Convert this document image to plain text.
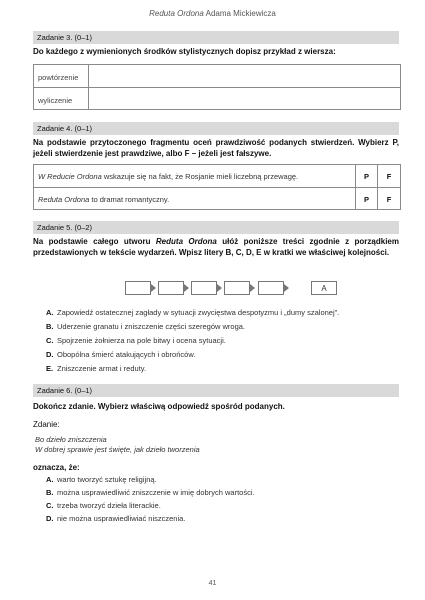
Reduta Ordona Adama Mickiewicza
Zadanie 3. (0–1)
Do każdego z wymienionych środków stylistycznych dopisz przykład z wiersza:
powtórzenie
wyliczenie
Zadanie 4. (0–1)
Na podstawie przytoczonego fragmentu oceń prawdziwość podanych stwierdzeń. Wybierz P, jeżeli stwierdzenie jest prawdziwe, albo F – jeżeli jest fałszywe.
W Reducie Ordona wskazuje się na fakt, że Rosjanie mieli liczebną przewagę.	P	F
Reduta Ordona to dramat romantyczny.	P	F
Zadanie 5. (0–2)
Na podstawie całego utworu Reduta Ordona ułóż poniższe treści zgodnie z porządkiem przedstawionych w tekście wydarzeń. Wpisz litery B, C, D, E w kratki we właściwej kolejności.
A
A. Zapowiedź ostatecznej zagłady w sytuacji zwycięstwa despotyzmu i „dumy szalonej”.
B. Uderzenie granatu i zniszczenie części szeregów wroga.
C. Spojrzenie żołnierza na pole bitwy i ocena sytuacji.
D. Obopólna śmierć atakujących i obrońców.
E. Zniszczenie armat i reduty.
Zadanie 6. (0–1)
Dokończ zdanie. Wybierz właściwą odpowiedź spośród podanych.
Zdanie:
Bo dzieło zniszczenia
W dobrej sprawie jest święte, jak dzieło tworzenia
oznacza, że:
A. warto tworzyć sztukę religijną.
B. można usprawiedliwić zniszczenie w imię dobrych wartości.
C. trzeba tworzyć dzieła literackie.
D. nie można usprawiedliwiać niszczenia.
41
